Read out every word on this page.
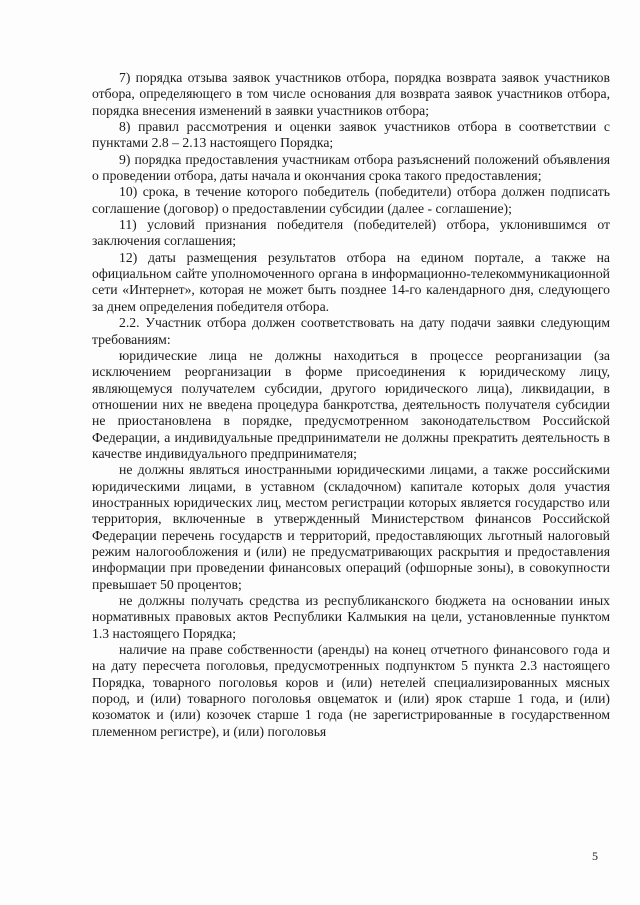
7) порядка отзыва заявок участников отбора, порядка возврата заявок участников отбора, определяющего в том числе основания для возврата заявок участников отбора, порядка внесения изменений в заявки участников отбора;

8) правил рассмотрения и оценки заявок участников отбора в соответствии с пунктами 2.8 – 2.13 настоящего Порядка;

9) порядка предоставления участникам отбора разъяснений положений объявления о проведении отбора, даты начала и окончания срока такого предоставления;

10) срока, в течение которого победитель (победители) отбора должен подписать соглашение (договор) о предоставлении субсидии (далее - соглашение);

11) условий признания победителя (победителей) отбора, уклонившимся от заключения соглашения;

12) даты размещения результатов отбора на едином портале, а также на официальном сайте уполномоченного органа в информационно-телекоммуникационной сети «Интернет», которая не может быть позднее 14-го календарного дня, следующего за днем определения победителя отбора.

2.2. Участник отбора должен соответствовать на дату подачи заявки следующим требованиям:

юридические лица не должны находиться в процессе реорганизации (за исключением реорганизации в форме присоединения к юридическому лицу, являющемуся получателем субсидии, другого юридического лица), ликвидации, в отношении них не введена процедура банкротства, деятельность получателя субсидии не приостановлена в порядке, предусмотренном законодательством Российской Федерации, а индивидуальные предприниматели не должны прекратить деятельность в качестве индивидуального предпринимателя;

не должны являться иностранными юридическими лицами, а также российскими юридическими лицами, в уставном (складочном) капитале которых доля участия иностранных юридических лиц, местом регистрации которых является государство или территория, включенные в утвержденный Министерством финансов Российской Федерации перечень государств и территорий, предоставляющих льготный налоговый режим налогообложения и (или) не предусматривающих раскрытия и предоставления информации при проведении финансовых операций (офшорные зоны), в совокупности превышает 50 процентов;

не должны получать средства из республиканского бюджета на основании иных нормативных правовых актов Республики Калмыкия на цели, установленные пунктом 1.3 настоящего Порядка;

наличие на праве собственности (аренды) на конец отчетного финансового года и на дату пересчета поголовья, предусмотренных подпунктом 5 пункта 2.3 настоящего Порядка, товарного поголовья коров и (или) нетелей специализированных мясных пород, и (или) товарного поголовья овцематок и (или) ярок старше 1 года, и (или) козоматок и (или) козочек старше 1 года (не зарегистрированные в государственном племенном регистре), и (или) поголовья

5
